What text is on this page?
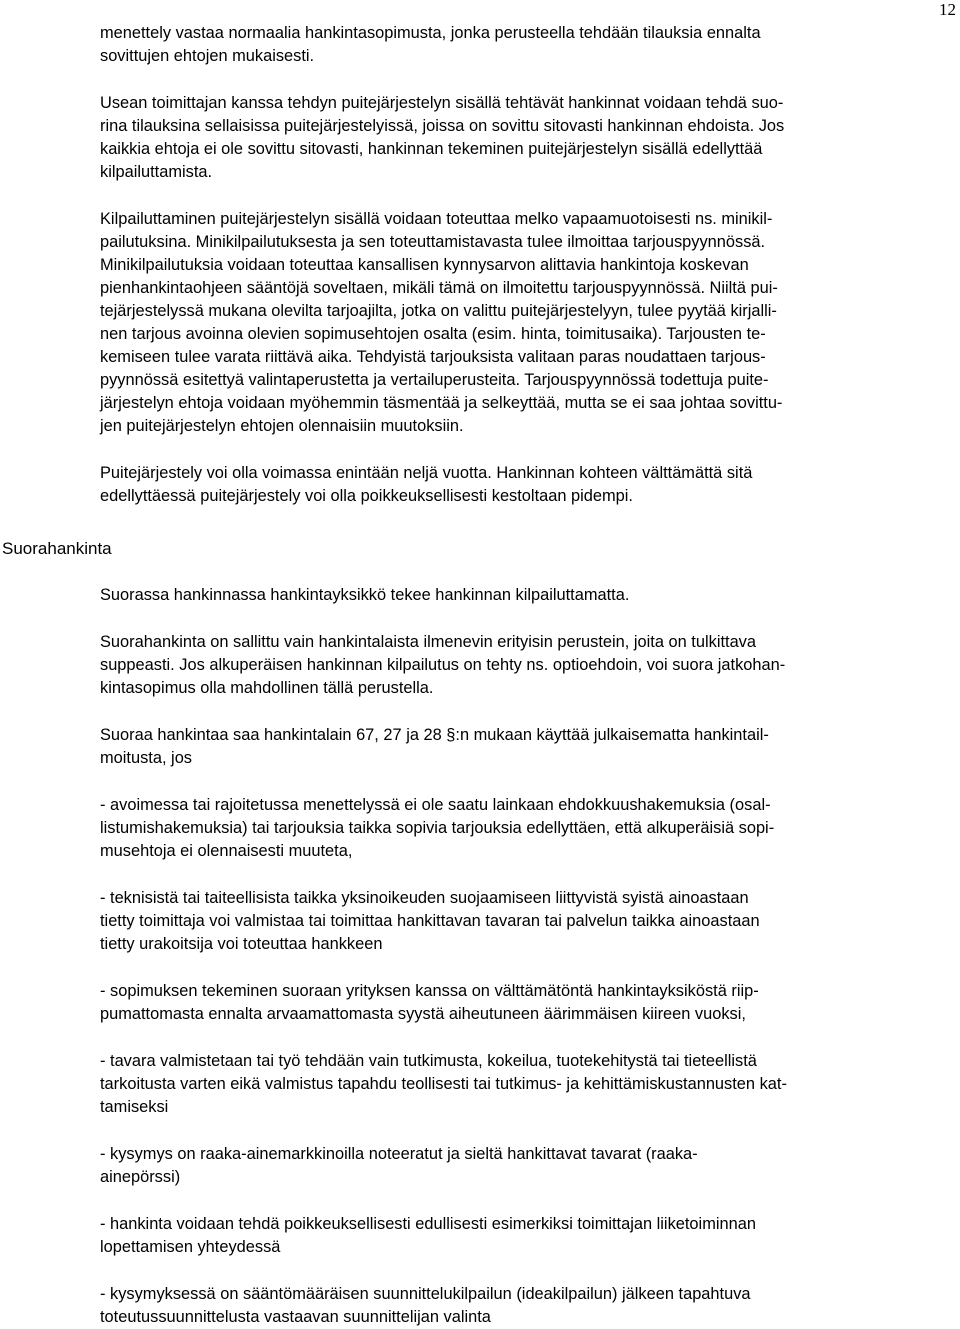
12
Suorahankinta

menettely vastaa normaalia hankintasopimusta, jonka perusteella tehdään tilauksia ennalta

sovittujen ehtojen mukaisesti.

Usean toimittajan kanssa tehdyn puitejärjestelyn sisällä tehtävät hankinnat voidaan tehdä suo-

rina tilauksina sellaisissa puitejärjestelyissä, joissa on sovittu sitovasti hankinnan ehdoista. Jos

kaikkia ehtoja ei ole sovittu sitovasti, hankinnan tekeminen puitejärjestelyn sisällä edellyttää

kilpailuttamista.

Kilpailuttaminen puitejärjestelyn sisällä voidaan toteuttaa melko vapaamuotoisesti ns. minikil-

pailutuksina. Minikilpailutuksesta ja sen toteuttamistavasta tulee ilmoittaa tarjouspyynnössä.

Minikilpailutuksia voidaan toteuttaa kansallisen kynnysarvon alittavia hankintoja koskevan

pienhankintaohjeen sääntöjä soveltaen, mikäli tämä on ilmoitettu tarjouspyynnössä. Niiltä pui-

tejärjestelyssä mukana olevilta tarjoajilta, jotka on valittu puitejärjestelyyn, tulee pyytää kirjalli-

nen tarjous avoinna olevien sopimusehtojen osalta (esim. hinta, toimitusaika). Tarjousten te-

kemiseen tulee varata riittävä aika. Tehdyistä tarjouksista valitaan paras noudattaen tarjous-

pyynnössä esitettyä valintaperustetta ja vertailuperusteita. Tarjouspyynnössä todettuja puite-

järjestelyn ehtoja voidaan myöhemmin täsmentää ja selkeyttää, mutta se ei saa johtaa sovittu-

jen puitejärjestelyn ehtojen olennaisiin muutoksiin.

Puitejärjestely voi olla voimassa enintään neljä vuotta. Hankinnan kohteen välttämättä sitä

edellyttäessä puitejärjestely voi olla poikkeuksellisesti kestoltaan pidempi.

Suorassa hankinnassa hankintayksikkö tekee hankinnan kilpailuttamatta.

Suorahankinta on sallittu vain hankintalaista ilmenevin erityisin perustein, joita on tulkittava

suppeasti. Jos alkuperäisen hankinnan kilpailutus on tehty ns. optioehdoin, voi suora jatkohan-

kintasopimus olla mahdollinen tällä perustella.

Suoraa hankintaa saa hankintalain 67, 27 ja 28 §:n mukaan käyttää julkaisematta hankintail-

moitusta, jos

- avoimessa tai rajoitetussa menettelyssä ei ole saatu lainkaan ehdokkuushakemuksia (osal-

listumishakemuksia) tai tarjouksia taikka sopivia tarjouksia edellyttäen, että alkuperäisiä sopi-

musehtoja ei olennaisesti muuteta,

- teknisistä tai taiteellisista taikka yksinoikeuden suojaamiseen liittyvistä syistä ainoastaan

tietty toimittaja voi valmistaa tai toimittaa hankittavan tavaran tai palvelun taikka ainoastaan

tietty urakoitsija voi toteuttaa hankkeen

- sopimuksen tekeminen suoraan yrityksen kanssa on välttämätöntä hankintayksiköstä riip-

pumattomasta ennalta arvaamattomasta syystä aiheutuneen äärimmäisen kiireen vuoksi,

- tavara valmistetaan tai työ tehdään vain tutkimusta, kokeilua, tuotekehitystä tai tieteellistä

tarkoitusta varten eikä valmistus tapahdu teollisesti tai tutkimus- ja kehittämiskustannusten kat-

tamiseksi

- kysymys on raaka-ainemarkkinoilla noteeratut ja sieltä hankittavat tavarat (raaka-

ainepörssi)

- hankinta voidaan tehdä poikkeuksellisesti edullisesti esimerkiksi toimittajan liiketoiminnan

lopettamisen yhteydessä

- kysymyksessä on sääntömääräisen suunnittelukilpailun (ideakilpailun) jälkeen tapahtuva

toteutussuunnittelusta vastaavan suunnittelijan valinta
